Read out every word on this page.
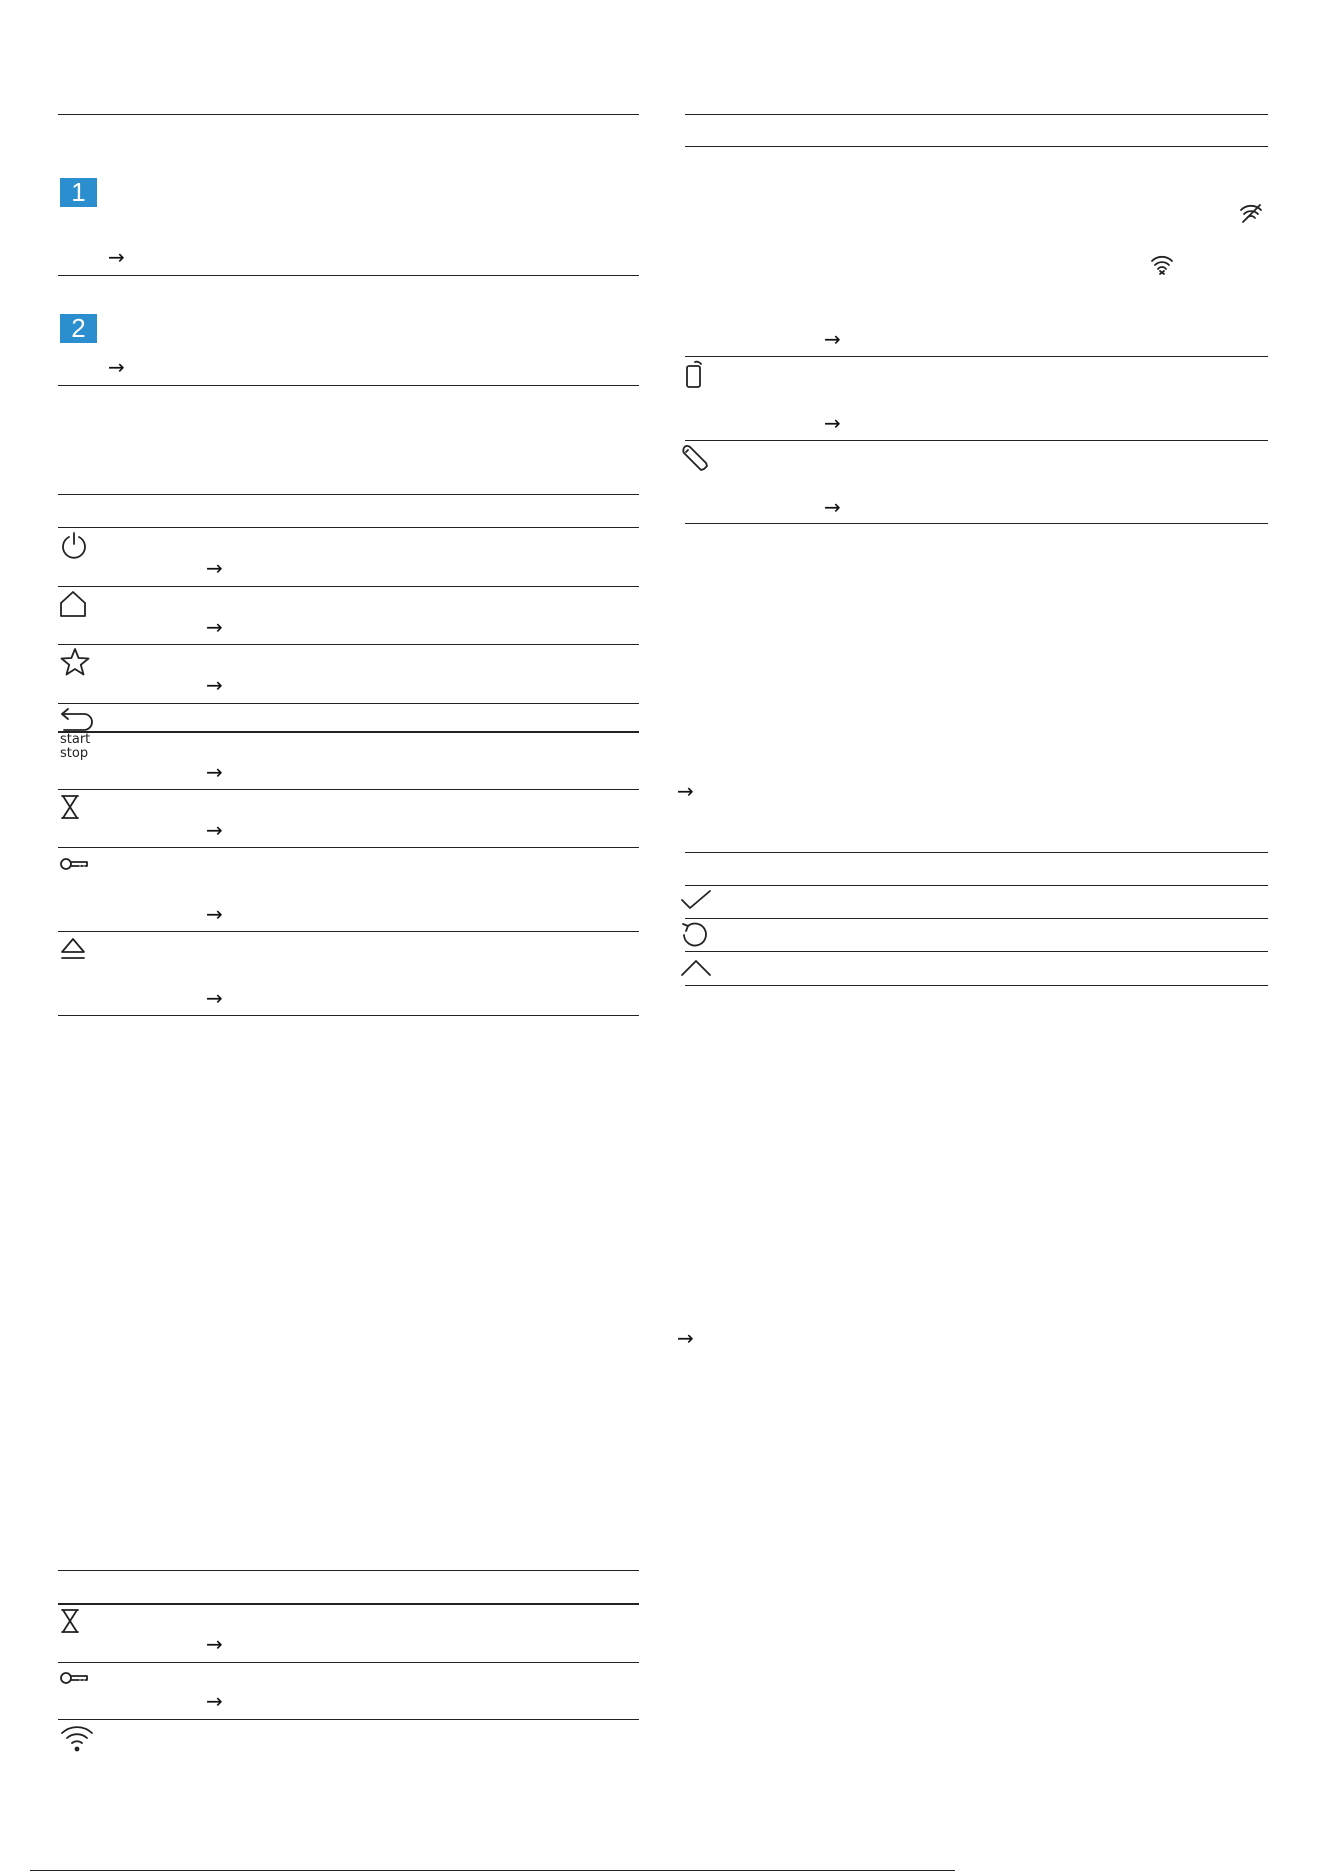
1
→
2
→
→
→
→
start
stop
→
→
→
→
→
→
→
→
→
→
→
